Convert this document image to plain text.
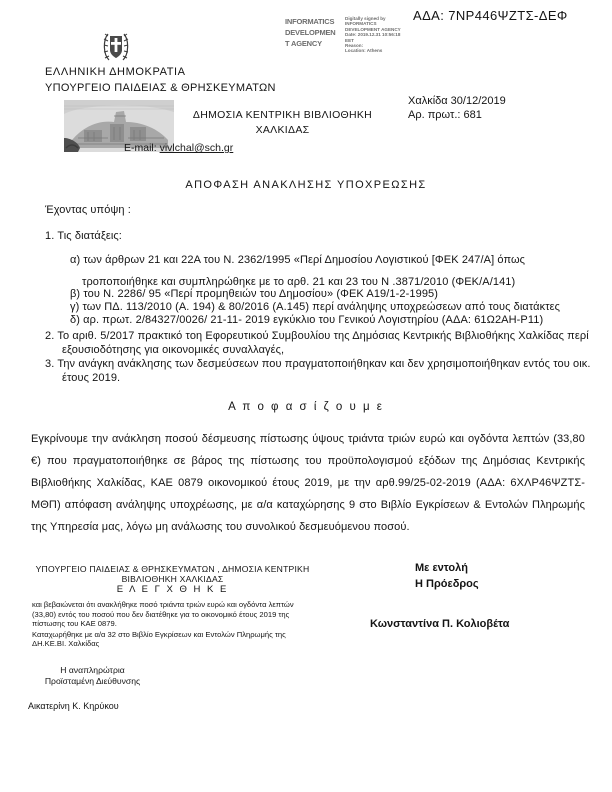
ΑΔΑ: 7ΝΡ446ΨΖΤΣ-ΔΕΦ
INFORMATICS
DEVELOPMEN
T AGENCY
Digitally signed by
INFORMATICS
DEVELOPMENT AGENCY
Date: 2019.12.31 10:56:18
EET
Reason:
Location: Athens
ΕΛΛΗΝΙΚΗ ΔΗΜΟΚΡΑΤΙΑ
ΥΠΟΥΡΓΕΙΟ ΠΑΙΔΕΙΑΣ & ΘΡΗΣΚΕΥΜΑΤΩΝ
Χαλκίδα 30/12/2019
Αρ. πρωτ.: 681
ΔΗΜΟΣΙΑ ΚΕΝΤΡΙΚΗ ΒΙΒΛΙΟΘΗΚΗ
ΧΑΛΚΙΔΑΣ
E-mail: vivlchal@sch.gr
ΑΠΟΦΑΣΗ ΑΝΑΚΛΗΣΗΣ ΥΠΟΧΡΕΩΣΗΣ
Έχοντας υπόψη :
1. Τις διατάξεις:
α) των άρθρων 21 και 22Α του Ν. 2362/1995 «Περί Δημοσίου Λογιστικού [ΦΕΚ 247/Α] όπως τροποποιήθηκε και συμπληρώθηκε με το αρθ. 21 και 23 του Ν .3871/2010 (ΦΕΚ/Α/141)
β) του Ν. 2286/ 95 «Περί προμηθειών του Δημοσίου» (ΦΕΚ Α19/1-2-1995)
γ) των ΠΔ. 113/2010 (Α. 194) & 80/2016 (Α.145) περί ανάληψης υποχρεώσεων από τους διατάκτες
δ) αρ. πρωτ. 2/84327/0026/ 21-11- 2019 εγκύκλιο του Γενικού Λογιστηρίου (ΑΔΑ: 61Ω2ΑΗ-Ρ11)
2. Το αριθ. 5/2017 πρακτικό τοη Εφορευτικού Συμβουλίου της Δημόσιας Κεντρικής Βιβλιοθήκης Χαλκίδας περί εξουσιοδότησης για οικονομικές συναλλαγές,
3. Την ανάγκη ανάκλησης των δεσμεύσεων που πραγματοποιήθηκαν και δεν χρησιμοποιήθηκαν εντός του οικ. έτους 2019.
Α π ο φ α σ ί ζ ο υ μ ε
Εγκρίνουμε την ανάκληση ποσού δέσμευσης πίστωσης ύψους τριάντα τριών ευρώ και ογδόντα λεπτών (33,80 €) που πραγματοποιήθηκε σε βάρος της πίστωσης του προϋπολογισμού εξόδων της Δημόσιας Κεντρικής Βιβλιοθήκης Χαλκίδας, ΚΑΕ 0879 οικονομικού έτους 2019, με την αρθ.99/25-02-2019 (ΑΔΑ: 6ΧΛΡ46ΨΖΤΣ-ΜΘΠ) απόφαση ανάληψης υποχρέωσης, με α/α καταχώρησης 9 στο Βιβλίο Εγκρίσεων & Εντολών Πληρωμής της Υπηρεσία μας, λόγω μη ανάλωσης του συνολικού δεσμευόμενου ποσού.
ΥΠΟΥΡΓΕΙΟ ΠΑΙΔΕΙΑΣ & ΘΡΗΣΚΕΥΜΑΤΩΝ , ΔΗΜΟΣΙΑ ΚΕΝΤΡΙΚΗ
ΒΙΒΛΙΟΘΗΚΗ ΧΑΛΚΙΔΑΣ
Ε Λ Ε Γ Χ Θ Η Κ Ε
και βεβαιώνεται ότι ανακλήθηκε ποσό τριάντα τριών ευρώ και ογδόντα λεπτών (33,80) εντός του ποσού που δεν διατέθηκε για το οικονομικό έτους 2019 της πίστωσης του ΚΑΕ 0879.
Καταχωρήθηκε με α/α 32 στο Βιβλίο Εγκρίσεων και Εντολών Πληρωμής της ΔΗ.ΚΕ.ΒΙ. Χαλκίδας
Η αναπληρώτρια
Προϊσταμένη Διεύθυνσης
Αικατερίνη Κ. Κηρύκου
Με εντολή
Η Πρόεδρος
Κωνσταντίνα Π. Κολιοβέτα
